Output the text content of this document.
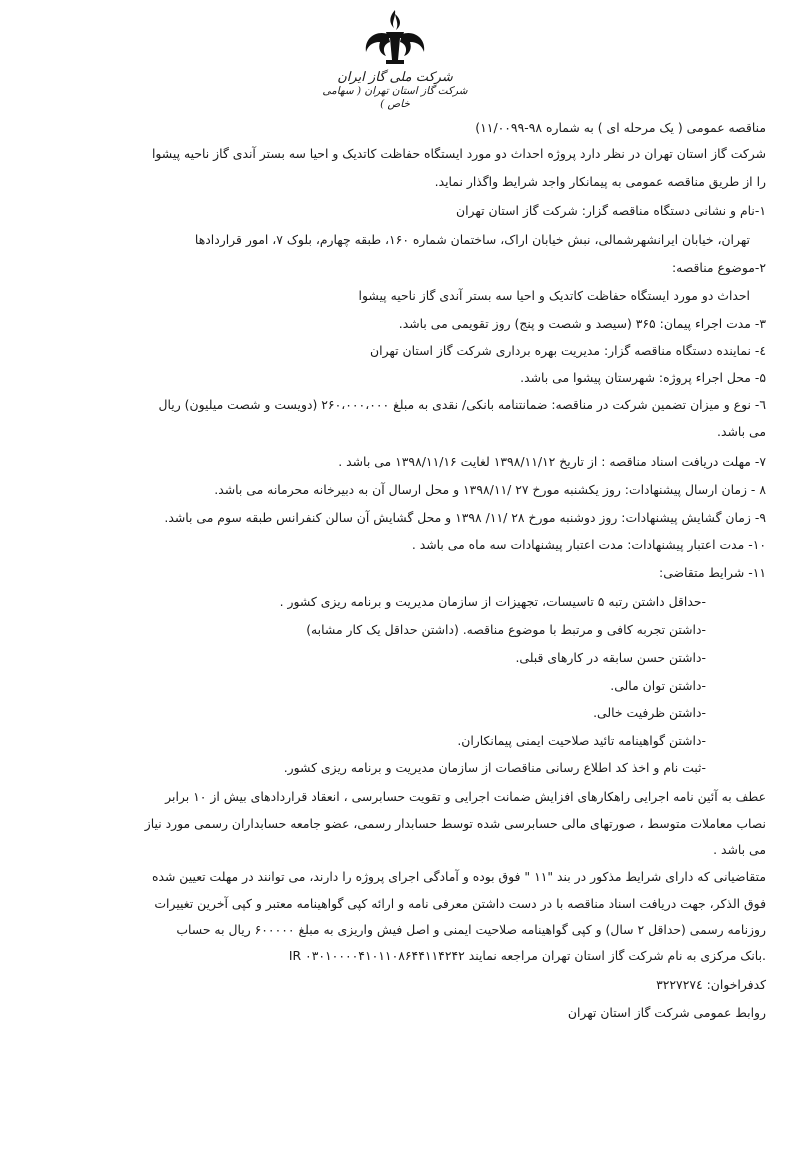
شرکت ملی گاز ایران
شرکت گاز استان تهران ( سهامی خاص )
مناقصه عمومی ( یک مرحله ای ) به شماره ۹۸-۱۱/۰۰۹۹)
شرکت گاز استان تهران در نظر دارد پروژه احداث دو مورد ایستگاه حفاظت کاتدیک و احیا سه بستر آندی گاز ناحیه پیشوا
را از طریق مناقصه عمومی به پیمانکار واجد شرایط واگذار نماید.
۱-نام و نشانی دستگاه مناقصه گزار: شرکت گاز استان تهران
تهران، خیابان ایرانشهرشمالی، نبش خیابان اراک، ساختمان شماره ۱۶۰، طبقه چهارم، بلوک ۷، امور قراردادها
۲-موضوع مناقصه:
احداث دو مورد ایستگاه حفاظت کاتدیک و احیا سه بستر آندی گاز ناحیه پیشوا
۳- مدت اجراء پیمان: ۳۶۵ (سیصد و شصت و پنج) روز تقویمی می باشد.
٤- نماینده دستگاه مناقصه گزار: مدیریت بهره برداری شرکت گاز استان تهران
۵- محل اجراء پروژه: شهرستان پیشوا می باشد.
٦- نوع و میزان تضمین شرکت در مناقصه: ضمانتنامه بانکی/ نقدی به مبلغ ۲۶۰،۰۰۰،۰۰۰ (دویست و شصت میلیون) ریال
می باشد.
۷- مهلت دریافت اسناد مناقصه : از تاریخ ۱۳۹۸/۱۱/۱۲ لغایت ۱۳۹۸/۱۱/۱۶ می باشد .
۸ - زمان ارسال پیشنهادات: روز یکشنبه مورخ ۲۷ /۱۳۹۸/۱۱ و محل ارسال آن به دبیرخانه محرمانه می باشد.
۹- زمان گشایش پیشنهادات: روز دوشنبه مورخ ۲۸ /۱۱/ ۱۳۹۸ و محل گشایش آن سالن کنفرانس طبقه سوم می باشد.
۱۰- مدت اعتبار پیشنهادات: مدت اعتبار پیشنهادات سه ماه می باشد .
۱۱- شرایط متقاضی:
-حداقل داشتن رتبه ۵ تاسیسات، تجهیزات از سازمان مدیریت و برنامه ریزی کشور .
-داشتن تجربه کافی و مرتبط با موضوع مناقصه. (داشتن حداقل یک کار مشابه)
-داشتن حسن سابقه در کارهای قبلی.
-داشتن توان مالی.
-داشتن ظرفیت خالی.
-داشتن گواهینامه تائید صلاحیت ایمنی پیمانکاران.
-ثبت نام و اخذ کد اطلاع رسانی مناقصات از سازمان مدیریت و برنامه ریزی کشور.
عطف به آئین نامه اجرایی راهکارهای افزایش ضمانت اجرایی و تقویت حسابرسی ، انعقاد قراردادهای بیش از ۱۰ برابر
نصاب معاملات متوسط ، صورتهای مالی حسابرسی شده توسط حسابدار رسمی، عضو جامعه حسابداران رسمی مورد نیاز
می باشد .
متقاضیانی که دارای شرایط مذکور در بند "۱۱ " فوق بوده و آمادگی اجرای پروژه را دارند، می توانند در مهلت تعیین شده
فوق الذکر، جهت دریافت اسناد مناقصه با در دست داشتن معرفی نامه و ارائه کپی گواهینامه معتبر و کپی آخرین تغییرات
روزنامه رسمی (حداقل ۲ سال) و کپی گواهینامه صلاحیت ایمنی و اصل فیش واریزی به مبلغ ۶۰۰۰۰۰ ریال به حساب
IR ۰۳۰۱۰۰۰۰۴۱۰۱۱۰۸۶۴۴۱۱۴۲۴۲ بانک مرکزی به نام شرکت گاز استان تهران مراجعه نمایند.
کدفراخوان: ۳۲۲۷۲۷٤
روابط عمومی شرکت گاز استان تهران
